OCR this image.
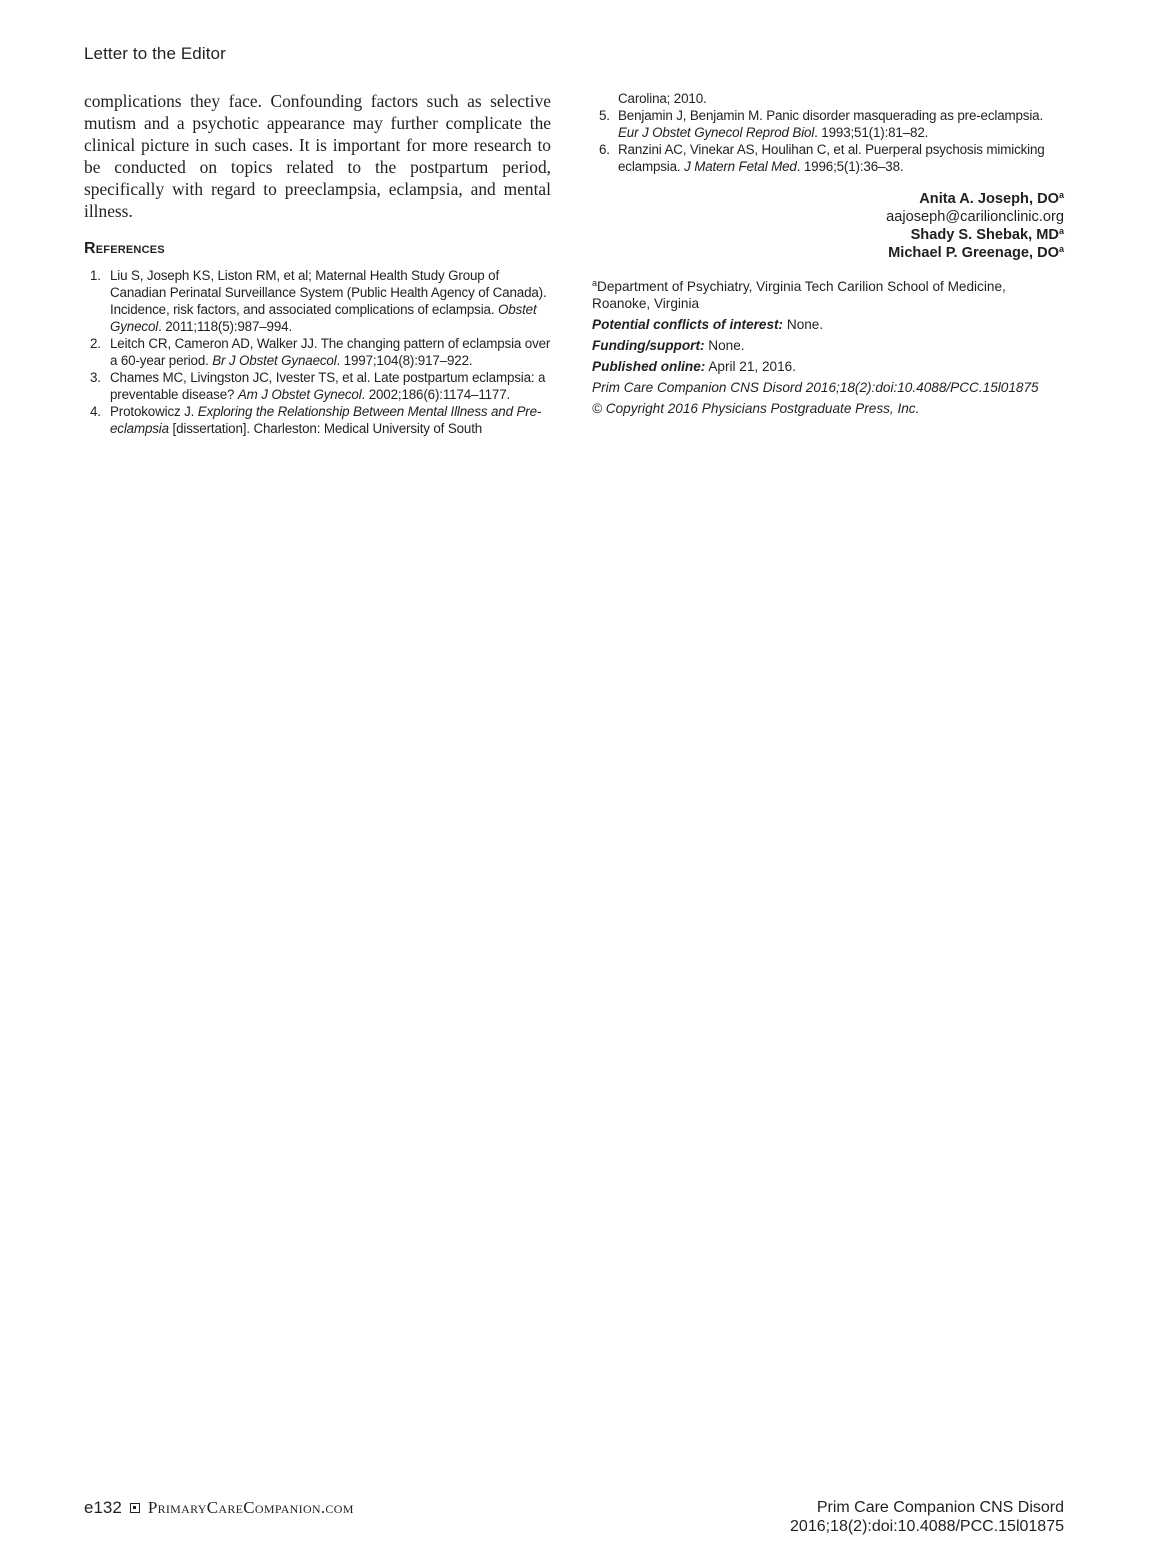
Letter to the Editor

complications they face. Confounding factors such as selective mutism and a psychotic appearance may further complicate the clinical picture in such cases. It is important for more research to be conducted on topics related to the postpartum period, specifically with regard to preeclampsia, eclampsia, and mental illness.

References
1. Liu S, Joseph KS, Liston RM, et al; Maternal Health Study Group of Canadian Perinatal Surveillance System (Public Health Agency of Canada). Incidence, risk factors, and associated complications of eclampsia. Obstet Gynecol. 2011;118(5):987–994.
2. Leitch CR, Cameron AD, Walker JJ. The changing pattern of eclampsia over a 60-year period. Br J Obstet Gynaecol. 1997;104(8):917–922.
3. Chames MC, Livingston JC, Ivester TS, et al. Late postpartum eclampsia: a preventable disease? Am J Obstet Gynecol. 2002;186(6):1174–1177.
4. Protokowicz J. Exploring the Relationship Between Mental Illness and Pre-eclampsia [dissertation]. Charleston: Medical University of South
Carolina; 2010.
5. Benjamin J, Benjamin M. Panic disorder masquerading as pre-eclampsia. Eur J Obstet Gynecol Reprod Biol. 1993;51(1):81–82.
6. Ranzini AC, Vinekar AS, Houlihan C, et al. Puerperal psychosis mimicking eclampsia. J Matern Fetal Med. 1996;5(1):36–38.
Anita A. Joseph, $DO^a$
aajoseph@carilionclinic.org
Shady S. Shebak, $MD^a$
Michael P. Greenage, $DO^a$
$^a$Department of Psychiatry, Virginia Tech Carilion School of Medicine, Roanoke, Virginia
Potential conflicts of interest: None.
Funding/support: None.
Published online: April 21, 2016.
Prim Care Companion CNS Disord 2016;18(2):doi:10.4088/PCC.15l01875
© Copyright 2016 Physicians Postgraduate Press, Inc.
e132 PrimaryCareCompanion.com	Prim Care Companion CNS Disord
2016;18(2):doi:10.4088/PCC.15l01875
